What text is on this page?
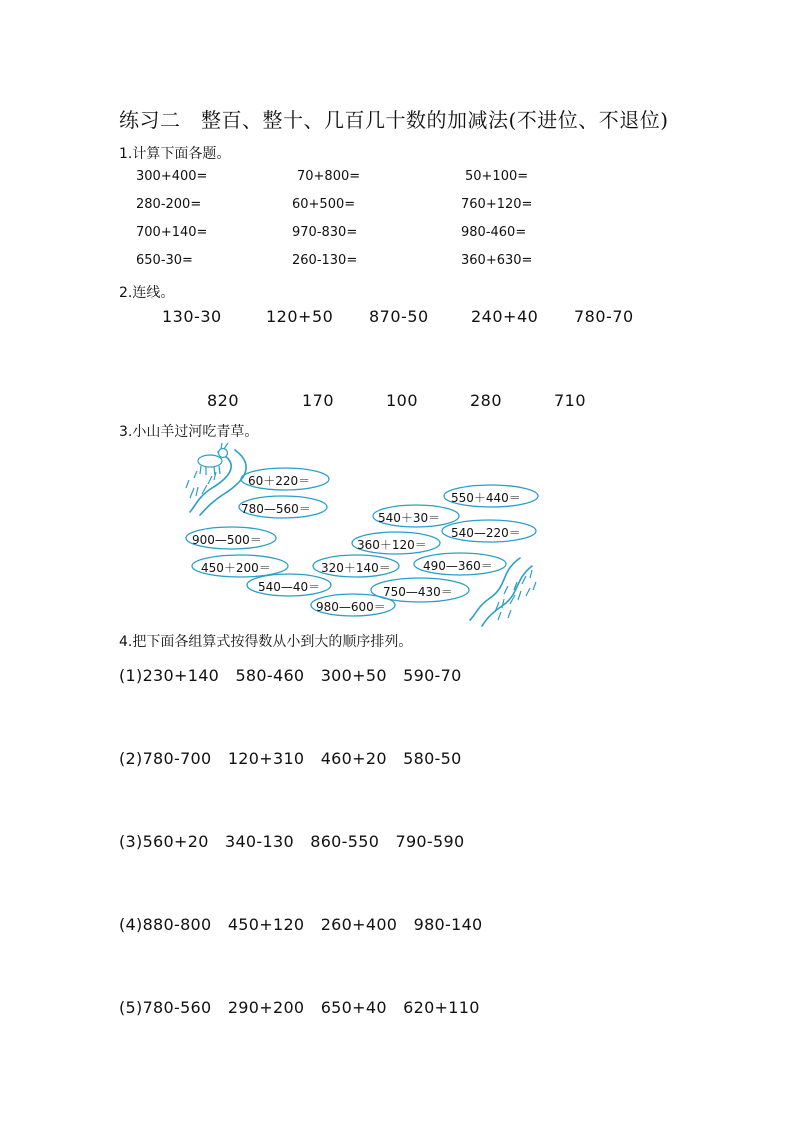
练习二　整百、整十、几百几十数的加减法(不进位、不退位)
1.计算下面各题。
300+400=	70+800=	50+100=
280-200=	60+500=	760+120=
700+140=	970-830=	980-460=
650-30=	260-130=	360+630=
2.连线。
130-30	120+50 870-50	240+40 780-70
820	170	100	280	710
3.小山羊过河吃青草。
60＋220＝
780—560＝
550＋440＝
540＋30＝
540—220＝
900—500＝	360＋120＝
450＋200＝	320＋140＝	490—360＝
540—40＝	750—430＝
980—600＝
4.把下面各组算式按得数从小到大的顺序排列。
(1)230+140　580-460　300+50　590-70
(2)780-700　120+310　460+20　580-50
(3)560+20　340-130　860-550　790-590
(4)880-800　450+120　260+400　980-140
(5)780-560　290+200　650+40　620+110
